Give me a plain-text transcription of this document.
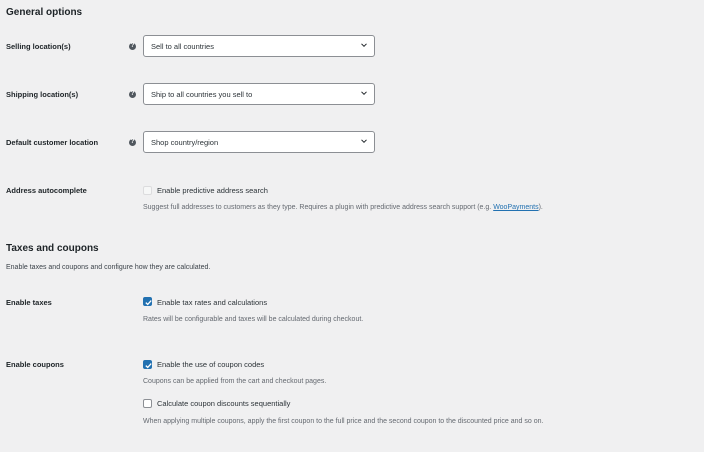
General options
Selling location(s)	? Sell to all countries
Shipping location(s)	? Ship to all countries you sell to
Default customer location	? Shop country/region
Address autocomplete	Enable predictive address search
Suggest full addresses to customers as they type. Requires a plugin with predictive address search support (e.g. WooPayments).
Taxes and coupons
Enable taxes and coupons and configure how they are calculated.
Enable taxes	Enable tax rates and calculations
Rates will be configurable and taxes will be calculated during checkout.
Enable coupons	Enable the use of coupon codes
Coupons can be applied from the cart and checkout pages.
Calculate coupon discounts sequentially
When applying multiple coupons, apply the first coupon to the full price and the second coupon to the discounted price and so on.
